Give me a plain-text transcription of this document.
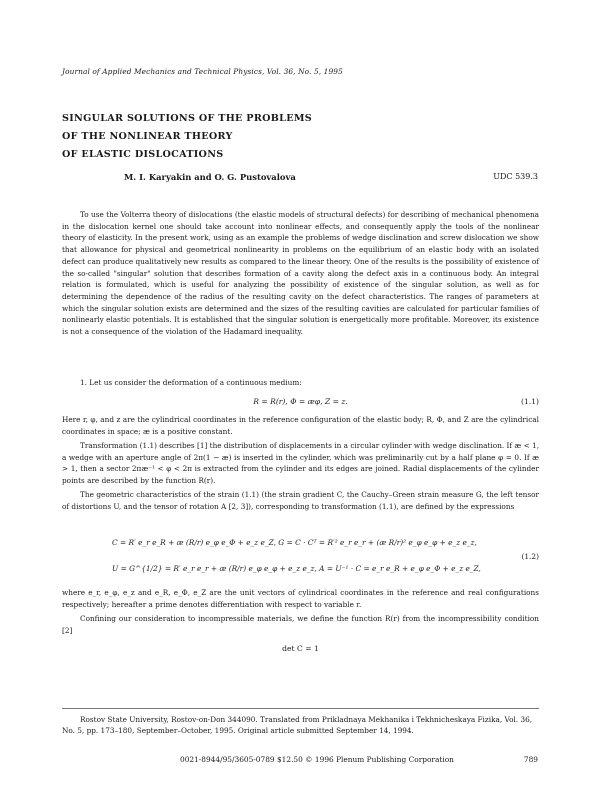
Journal of Applied Mechanics and Technical Physics, Vol. 36, No. 5, 1995
SINGULAR SOLUTIONS OF THE PROBLEMS
OF THE NONLINEAR THEORY
OF ELASTIC DISLOCATIONS
M. I. Karyakin and O. G. Pustovalova	UDC 539.3

To use the Volterra theory of dislocations (the elastic models of structural defects) for describing of mechanical phenomena in the dislocation kernel one should take account into nonlinear effects, and consequently apply the tools of the nonlinear theory of elasticity. In the present work, using as an example the problems of wedge disclination and screw dislocation we show that allowance for physical and geometrical nonlinearity in problems on the equilibrium of an elastic body with an isolated defect can produce qualitatively new results as compared to the linear theory. One of the results is the possibility of existence of the so-called "singular" solution that describes formation of a cavity along the defect axis in a continuous body. An integral relation is formulated, which is useful for analyzing the possibility of existence of the singular solution, as well as for determining the dependence of the radius of the resulting cavity on the defect characteristics. The ranges of parameters at which the singular solution exists are determined and the sizes of the resulting cavities are calculated for particular families of nonlinearly elastic potentials. It is established that the singular solution is energetically more profitable. Moreover, its existence is not a consequence of the violation of the Hadamard inequality.

1. Let us consider the deformation of a continuous medium:

R = R(r), Φ = æφ, Z = z.	(1.1)

Here r, φ, and z are the cylindrical coordinates in the reference configuration of the elastic body; R, Φ, and Z are the cylindrical coordinates in space; æ is a positive constant.

Transformation (1.1) describes [1] the distribution of displacements in a circular cylinder with wedge disclination. If æ < 1, a wedge with an aperture angle of 2π(1 − æ) is inserted in the cylinder, which was preliminarily cut by a half plane φ = 0. If æ > 1, then a sector 2πæ⁻¹ < φ < 2π is extracted from the cylinder and its edges are joined. Radial displacements of the cylinder points are described by the function R(r).

The geometric characteristics of the strain (1.1) (the strain gradient C, the Cauchy–Green strain measure G, the left tensor of distortions U, and the tensor of rotation A [2, 3]), corresponding to transformation (1.1), are defined by the expressions

C = R′ e_r e_R + æ (R/r) e_φ e_Φ + e_z e_Z, G = C · Cᵀ = R′² e_r e_r + (æ R/r)² e_φ e_φ + e_z e_z,
U = G^{1/2} = R′ e_r e_r + æ (R/r) e_φ e_φ + e_z e_z, A = U⁻¹ · C = e_r e_R + e_φ e_Φ + e_z e_Z,
(1.2)

where e_r, e_φ, e_z and e_R, e_Φ, e_Z are the unit vectors of cylindrical coordinates in the reference and real configurations respectively; hereafter a prime denotes differentiation with respect to variable r.

Confining our consideration to incompressible materials, we define the function R(r) from the incompressibility condition [2]

det C = 1

Rostov State University, Rostov-on-Don 344090. Translated from Prikladnaya Mekhanika i Tekhnicheskaya Fizika, Vol. 36, No. 5, pp. 173–180, September–October, 1995. Original article submitted September 14, 1994.

0021-8944/95/3605-0789 $12.50 © 1996 Plenum Publishing Corporation	789
